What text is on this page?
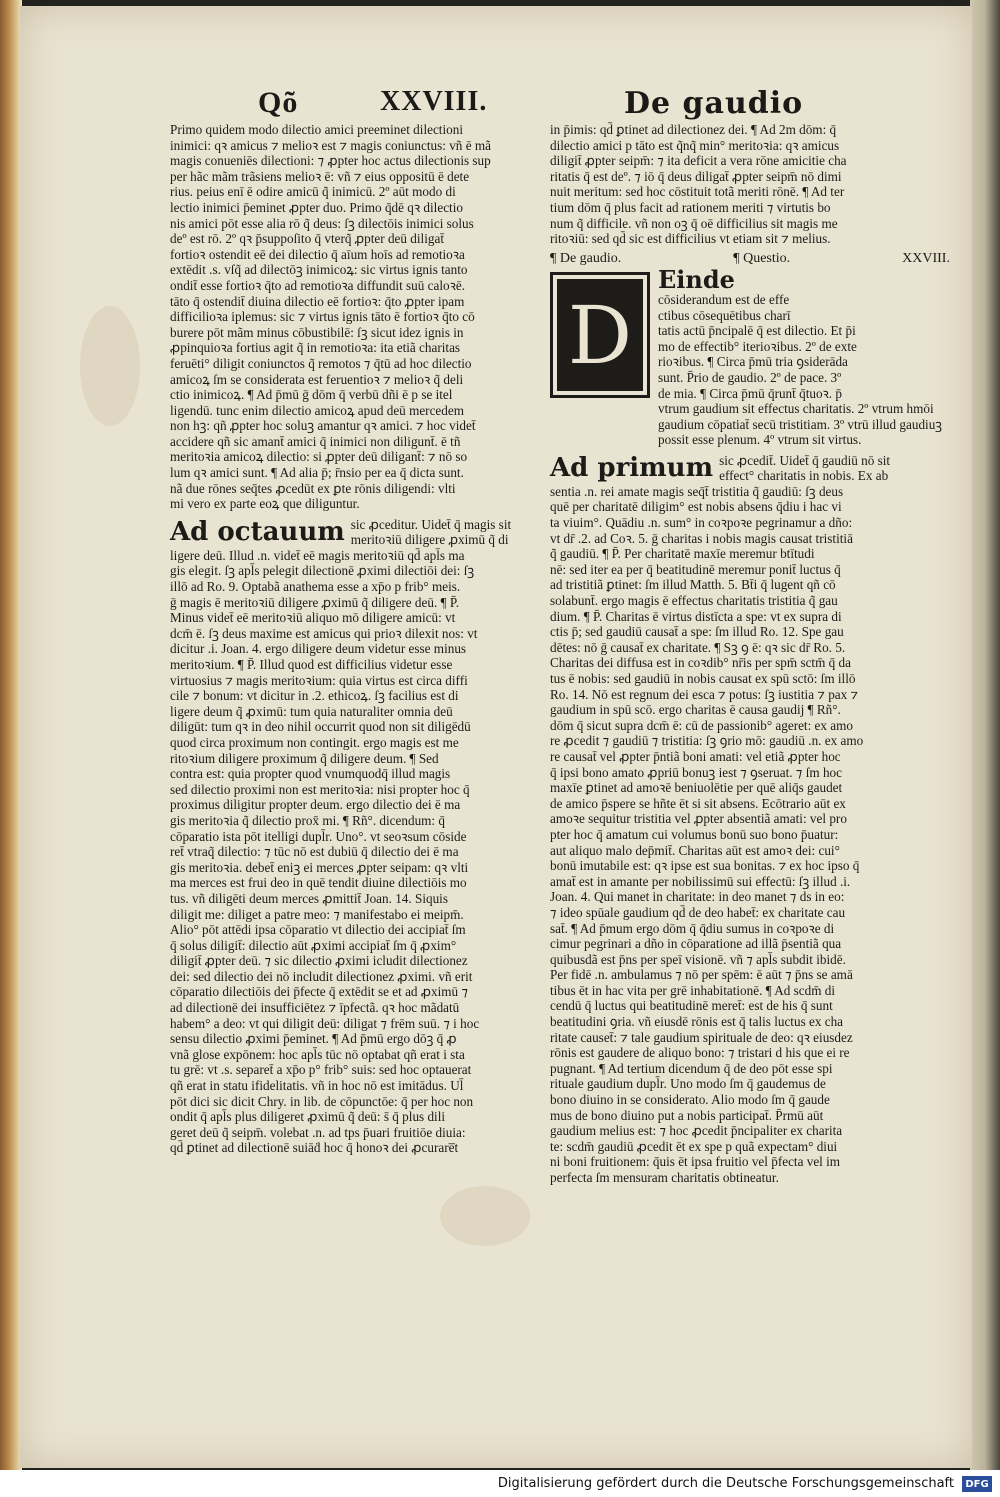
Qõ	XXVIII.	De gaudio
Primo quidem modo dilectio amici preeminet dilectioni
inimici: qꝛ amicus ⁊ melioꝛ est ⁊ magis coniunctus: vñ ē mã
magis conueniēs dilectioni: ⁊ ꝓpter hoc actus dilectionis sup
per hãc mãm trãsiens melioꝛ ē: vñ ⁊ eius oppositū ē dete
rius. peius enī ē odire amicū q̃ inimicū. 2º aūt modo di
lectio inimici p̄eminet ꝓpter duo. Primo q̄dē qꝛ dilectio
nis amici pōt esse alia rō q̃ deus: ſꝫ dilectōis inimici solus
deº est rō. 2º qꝛ p̄suppoſito q̄ vterq̃ ꝓpter deū diligat̄
fortioꝛ ostendit eē dei dilectio q̄ aīum hoīs ad remotioꝛa
extēdit .s. vſq̃ ad dilectōꝫ inimicoꝝ: sic virtus ignis tanto
ondit̄ esse fortioꝛ q̄to ad remotioꝛa diffundit suū caloꝛē.
tāto q̄ ostendit̄ diuina dilectio eē fortioꝛ: q̄to ꝓpter ipam
difficilioꝛa iplemus: sic ⁊ virtus ignis tāto ē fortioꝛ q̄to cō
burere pōt mãm minus cōbustibilē: ſꝫ sicut idez ignis in
ꝓpinquioꝛa fortius agit q̃ in remotioꝛa: ita etiã charitas
feruēti° diligit coniunctos q̃ remotos ⁊ q̄tū ad hoc dilectio
amicoꝝ ſm se considerata est feruentioꝛ ⁊ melioꝛ q̃ deli
ctio inimicoꝝ. ¶ Ad p̄mū ḡ dōm q̄ verbū dñi ē p se itel
ligendū. tunc enim dilectio amicoꝝ apud deū mercedem
non hꝫ: qñ ꝓpter hoc soluꝫ amantur qꝛ amici. ⁊ hoc videt̄
accidere qñ sic amant̄ amici q̄ inimici non diligunt̄. ē tñ
meritoꝛia amicoꝝ dilectio: si ꝓpter deū diligant̄: ⁊ nō so
lum qꝛ amici sunt. ¶ Ad alia p̄; r̄nsio per ea q̄ dicta sunt.
nã due rōnes seq̄tes ꝓcedūt ex ꝑte rōnis diligendi: vlti
mi vero ex parte eoꝝ que diliguntur.
Ad octauum sic ꝓceditur. Uidet̄ q̄ magis sit
meritoꝛiū diligere ꝓximū q̃ di
ligere deū. Illud .n. videt̄ eē magis meritoꝛiū qd̄ apl̄s ma
gis elegit. ſꝫ apl̄s pelegit dilectionē ꝓximi dilectiōi dei: ſꝫ
illō ad Ro. 9. Optabã anathema esse a xp̄o p frib° meis.
ḡ magis ē meritoꝛiū diligere ꝓximū q̃ diligere deū. ¶ P̄.
Minus videt̄ eē meritoꝛiū aliquo mō diligere amicū: vt
dcm̄ ē. ſꝫ deus maxime est amicus qui prioꝛ dilexit nos: vt
dicitur .i. Joan. 4. ergo diligere deum videtur esse minus
meritoꝛium. ¶ P̄. Illud quod est difficilius videtur esse
virtuosius ⁊ magis meritoꝛium: quia virtus est circa diffi
cile ⁊ bonum: vt dicitur in .2. ethicoꝝ. ſꝫ facilius est di
ligere deum q̃ ꝓximū: tum quia naturaliter omnia deū
diligūt: tum qꝛ in deo nihil occurrit quod non sit diligēdū
quod circa proximum non contingit. ergo magis est me
ritoꝛium diligere proximum q̃ diligere deum. ¶ Sed
contra est: quia propter quod vnumquodq̄ illud magis
sed dilectio proximi non est meritoꝛia: nisi propter hoc q̄
proximus diligitur propter deum. ergo dilectio dei ē ma
gis meritoꝛia q̃ dilectio prox̄ mi. ¶ Rñ°. dicendum: q̄
cōparatio ista pōt itelligi dupl̄r. Uno°. vt seoꝛsum cōside
ret̄ vtraq̃ dilectio: ⁊ tūc nō est dubiū q̄ dilectio dei ē ma
gis meritoꝛia. debet̄ eniꝫ ei merces ꝓpter seipam: qꝛ vlti
ma merces est frui deo in quē tendit diuine dilectiōis mo
tus. vñ diligēti deum merces ꝓmittit̄ Joan. 14. Siquis
diligit me: diliget a patre meo: ⁊ manifestabo ei meipm̄.
Alio° pōt attēdi ipsa cōparatio vt dilectio dei accipiat̄ ſm
q̄ solus diligit̄: dilectio aūt ꝓximi accipiat̄ ſm q̄ ꝓxim°
diligit̄ ꝓpter deū. ⁊ sic dilectio ꝓximi icludit dilectionez
dei: sed dilectio dei nō includit dilectionez ꝓximi. vñ erit
cōparatio dilectiōis dei p̄fecte q̄ extēdit se et ad ꝓximū ⁊
ad dilectionē dei insufficiētez ⁊ īpfectã. qꝛ hoc mãdatū
habem° a deo: vt qui diligit deū: diligat ⁊ frēm suū. ⁊ i hoc
sensu dilectio ꝓximi p̄eminet. ¶ Ad p̄mū ergo dōꝫ q̄ ꝓ
vnã glose expōnem: hoc apl̄s tūc nō optabat qñ erat i sta
tu grē: vt .s. separet̄ a xp̄o p° frib° suis: sed hoc optauerat
qñ erat in statu ifidelitatis. vñ in hoc nō est imitādus. Ul̄
pōt dici sic dicit Chry. in lib. de cōpunctōe: q̄ per hoc non
ondit q̄ apl̄s plus diligeret ꝓximū q̃ deū: s̄ q̄ plus dili
geret deū q̃ seipm̄. volebat .n. ad tps p̄uari fruitiōe diuia:
qd̄ ꝑtinet ad dilectionē suiāḋ hoc q̄ honoꝛ dei ꝓcurare̅t
in p̄imis: qd̄ ꝑtinet ad dilectionez dei. ¶ Ad 2m dōm: q̄
dilectio amici p tāto est q̃nq̃ min° meritoꝛia: qꝛ amicus
diligit̄ ꝓpter seipm̄: ⁊ ita deficit a vera rōne amicitie cha
ritatis q̄ est deº. ⁊ iō q̄ deus diligat̄ ꝓpter seipm̄ nō dimi
nuit meritum: sed hoc cōstituit totã meriti rōnē. ¶ Ad ter
tium dōm q̄ plus facit ad rationem meriti ⁊ virtutis bo
num q̃ difficile. vñ non oꝫ q̄ oē difficilius sit magis me
ritoꝛiū: sed qd̄ sic est difficilius vt etiam sit ⁊ melius.
¶ De gaudio.	¶ Questio.	XXVIII.
D
Einde
cōsiderandum est de effe
ctibus cōsequētibus charī
tatis actū p̄ncipalē q̄ est dilectio. Et p̄i
mo de effectib° iterioꝛibus. 2º de exte
rioꝛibus. ¶ Circa p̄mū tria ꝯsiderāda
sunt. P̄rio de gaudio. 2º de pace. 3º
de mia. ¶ Circa p̄mū q̄runt̄ q̄tuoꝛ. p̄
vtrum gaudium sit effectus charitatis. 2º vtrum hmōi
gaudium cōpatiat̄ secū tristitiam. 3º vtrū illud gaudiuꝫ
possit esse plenum. 4º vtrum sit virtus.
Ad primum sic ꝓcedit̄. Uidet̄ q̄ gaudiū nō sit
effect° charitatis in nobis. Ex ab
sentia .n. rei amate magis seq̄t̄ tristitia q̃ gaudiū: ſꝫ deus
quē per charitatē diligim° est nobis absens q̄diu i hac vi
ta viuim°. Quādiu .n. sum° in coꝛpoꝛe pegrinamur a dño:
vt dr̄ .2. ad Coꝛ. 5. ḡ charitas i nobis magis causat tristitiā
q̃ gaudiū. ¶ P̄. Per charitatē maxīe meremur btītudi
nē: sed iter ea per q̄ beatitudinē meremur ponit̄ luctus q̄
ad tristitiã ꝑtinet: ſm illud Matth. 5. Bt̄i q̄ lugent qñ cō
solabunt̄. ergo magis ē effectus charitatis tristitia q̃ gau
dium. ¶ P̄. Charitas ē virtus distīcta a spe: vt ex supra di
ctis p̄; sed gaudiū causat̄ a spe: ſm illud Ro. 12. Spe gau
dētes: nō ḡ causat̄ ex charitate. ¶ Sꝫ ꝯ ē: qꝛ sic dr̄ Ro. 5.
Charitas dei diffusa est in coꝛdib° nr̄is per spm̄ sctm̄ q̄ da
tus ē nobis: sed gaudiū in nobis causat ex spū sctō: ſm illō
Ro. 14. Nō est regnum dei esca ⁊ potus: ſꝫ iustitia ⁊ pax ⁊
gaudium in spū scō. ergo charitas ē causa gaudij ¶ Rñ°.
dōm q̄ sicut supra dcm̄ ē: cū de passionib° ageret: ex amo
re ꝓcedit ⁊ gaudiū ⁊ tristitia: ſꝫ ꝯrio mō: gaudiū .n. ex amo
re causat̄ vel ꝓpter p̄ntiã boni amati: vel etiã ꝓpter hoc
q̄ ipsi bono amato ꝓpriū bonuꝫ iest ⁊ ꝯseruat. ⁊ ſm hoc
maxīe ꝑtinet ad amoꝛē beniuolētie per quē aliq̄s gaudet
de amico p̄spere se hñte ēt si sit absens. Ecōtrario aūt ex
amoꝛe sequitur tristitia vel ꝓpter absentiã amati: vel pro
pter hoc q̄ amatum cui volumus bonū suo bono p̄uatur:
aut aliquo malo dep̄mit̄. Charitas aūt est amoꝛ dei: cui°
bonū imutabile est: qꝛ ipse est sua bonitas. ⁊ ex hoc ipso q̄
amat̄ est in amante per nobilissimū sui effectū: ſꝫ illud .i.
Joan. 4. Qui manet in charitate: in deo manet ⁊ ds in eo:
⁊ ideo spūale gaudium qd̄ de deo habet̄: ex charitate cau
sat̄. ¶ Ad p̄mum ergo dōm q̄ q̄diu sumus in coꝛpoꝛe di
cimur pegrinari a dño in cōparatione ad illã p̄sentiã qua
quibusdã est p̄ns per speī visionē. vñ ⁊ apl̄s subdit ibidē.
Per fidē .n. ambulamus ⁊ nō per spēm: ē aūt ⁊ p̄ns se amā
tibus ēt in hac vita per grē inhabitationē. ¶ Ad scdm̄ di
cendū q̄ luctus qui beatitudinē meret̄: est de his q̄ sunt
beatitudini ꝯria. vñ eiusdē rōnis est q̄ talis luctus ex cha
ritate causet̄: ⁊ tale gaudium spirituale de deo: qꝛ eiusdez
rōnis est gaudere de aliquo bono: ⁊ tristari d his que ei re
pugnant. ¶ Ad tertium dicendum q̄ de deo pōt esse spi
rituale gaudium dupl̄r. Uno modo ſm q̄ gaudemus de
bono diuino in se considerato. Alio modo ſm q̄ gaude
mus de bono diuino put a nobis participat̄. P̄rmū aūt
gaudium melius est: ⁊ hoc ꝓcedit p̄ncipaliter ex charita
te: scdm̄ gaudiū ꝓcedit ēt ex spe p quã expectam° diui
ni boni fruitionem: q̄uis ēt ipsa fruitio vel p̄fecta vel im
perfecta ſm mensuram charitatis obtineatur.
Digitalisierung gefördert durch die Deutsche Forschungsgemeinschaft	DFG
